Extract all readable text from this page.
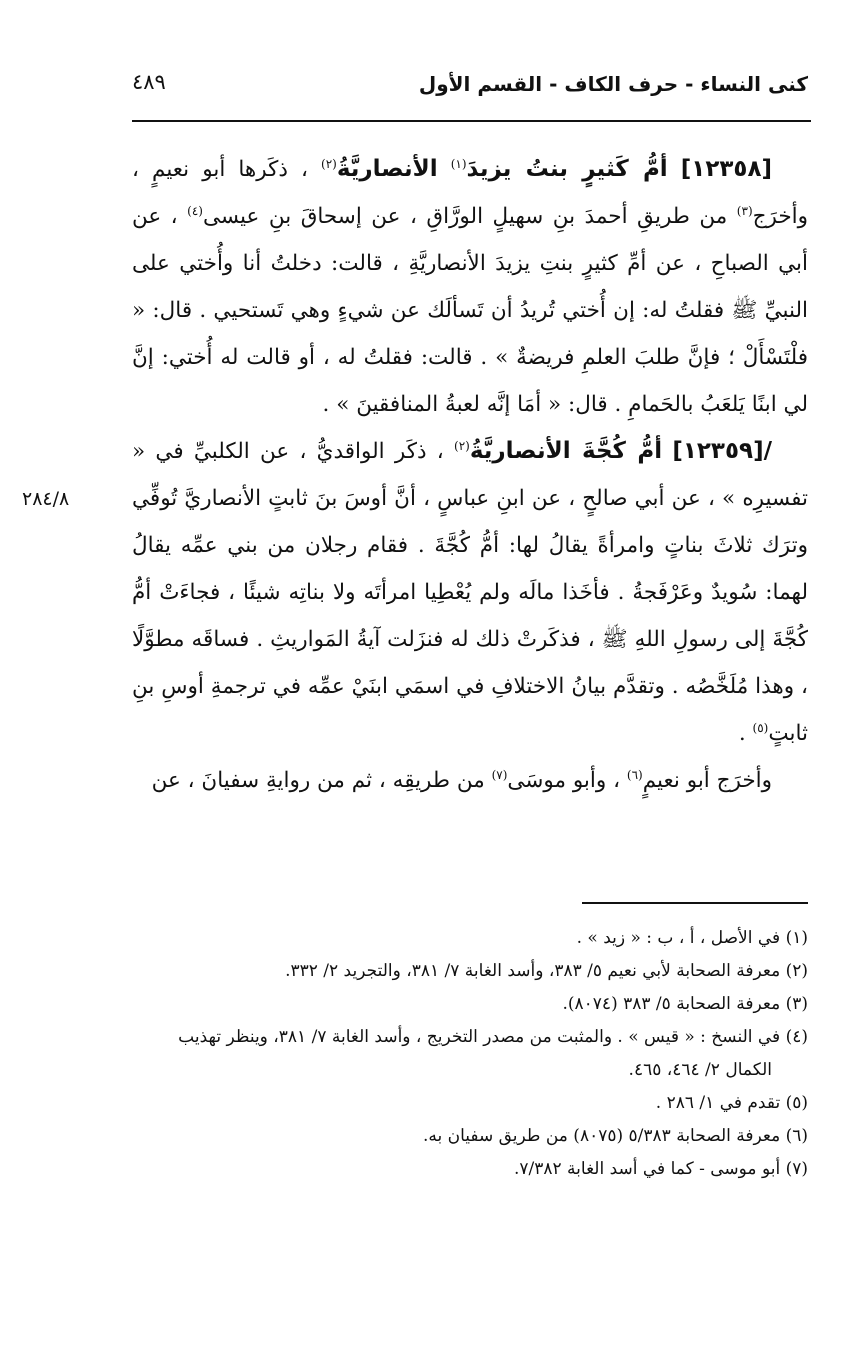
كنى النساء - حرف الكاف - القسم الأول
٤٨٩
٢٨٤/٨

[١٢٣٥٨] أمُّ كَثيرٍ بنتُ يزيدَ$^{(١)}$ الأنصاريَّةُ$^{(٢)}$ ، ذكَرها أبو نعيمٍ ، وأخرَج$^{(٣)}$ من طريقِ أحمدَ بنِ سهيلٍ الورَّاقِ ، عن إسحاقَ بنِ عيسى$^{(٤)}$ ، عن أبي الصباحِ ، عن أمِّ كثيرٍ بنتِ يزيدَ الأنصاريَّةِ ، قالت: دخلتُ أنا وأُختي على النبيِّ ﷺ فقلتُ له: إن أُختي تُريدُ أن تَسألَك عن شيءٍ وهي تَستحيي . قال: « فلْتَسْأَلْ ؛ فإنَّ طلبَ العلمِ فريضةٌ » . قالت: فقلتُ له ، أو قالت له أُختي: إنَّ لي ابنًا يَلعَبُ بالحَمامِ . قال: « أمَا إنَّه لعبةُ المنافقينَ » .

/[١٢٣٥٩] أمُّ كُجَّةَ الأنصاريَّةُ$^{(٢)}$ ، ذكَر الواقديُّ ، عن الكلبيِّ في « تفسيرِه » ، عن أبي صالحٍ ، عن ابنِ عباسٍ ، أنَّ أوسَ بنَ ثابتٍ الأنصاريَّ تُوفِّي وترَك ثلاثَ بناتٍ وامرأةً يقالُ لها: أمُّ كُجَّةَ . فقام رجلان من بني عمِّه يقالُ لهما: سُويدٌ وعَرْفَجةُ . فأخَذا مالَه ولم يُعْطِيا امرأتَه ولا بناتِه شيئًا ، فجاءَتْ أمُّ كُجَّةَ إلى رسولِ اللهِ ﷺ ، فذكَرتْ ذلك له فنزَلت آيةُ المَواريثِ . فساقَه مطوَّلًا ، وهذا مُلَخَّصُه . وتقدَّم بيانُ الاختلافِ في اسمَي ابنَيْ عمِّه في ترجمةِ أوسِ بنِ ثابتٍ$^{(٥)}$ .

وأخرَج أبو نعيمٍ$^{(٦)}$ ، وأبو موسَى$^{(٧)}$ من طريقِه ، ثم من روايةِ سفيانَ ، عن

(١) في الأصل ، أ ، ب : « زيد » .

(٢) معرفة الصحابة لأبي نعيم ٥/ ٣٨٣، وأسد الغابة ٧/ ٣٨١، والتجريد ٢/ ٣٣٢.

(٣) معرفة الصحابة ٥/ ٣٨٣ (٨٠٧٤).

(٤) في النسخ : « قيس » . والمثبت من مصدر التخريج ، وأسد الغابة ٧/ ٣٨١، وينظر تهذيب

الكمال ٢/ ٤٦٤، ٤٦٥.

(٥) تقدم في ١/ ٢٨٦ .

(٦) معرفة الصحابة ٥/٣٨٣ (٨٠٧٥) من طريق سفيان به.

(٧) أبو موسى - كما في أسد الغابة ٧/٣٨٢.
